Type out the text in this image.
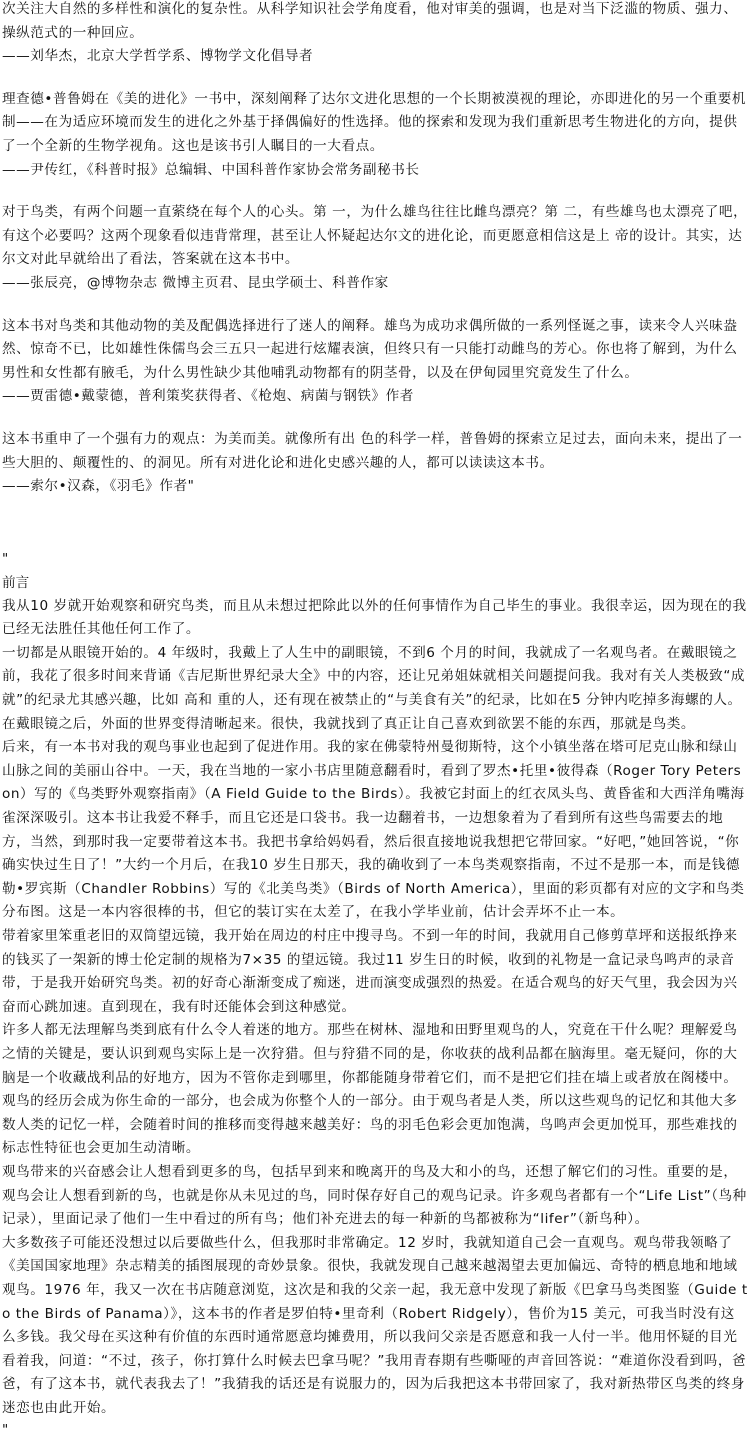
次关注大自然的多样性和演化的复杂性。从科学知识社会学角度看，他对审美的强调，也是对当下泛滥的物质、强力、操纵范式的一种回应。

——刘华杰，北京大学哲学系、博物学文化倡导者

理查德•普鲁姆在《美的进化》一书中，深刻阐释了达尔文进化思想的一个长期被漠视的理论，亦即进化的另一个重要机制——在为适应环境而发生的进化之外基于择偶偏好的性选择。他的探索和发现为我们重新思考生物进化的方向，提供了一个全新的生物学视角。这也是该书引人瞩目的一大看点。

——尹传红，《科普时报》总编辑、中国科普作家协会常务副秘书长

对于鸟类，有两个问题一直萦绕在每个人的心头。第 一，为什么雄鸟往往比雌鸟漂亮？第 二，有些雄鸟也太漂亮了吧，有这个必要吗？这两个现象看似违背常理，甚至让人怀疑起达尔文的进化论，而更愿意相信这是上 帝的设计。其实，达尔文对此早就给出了看法，答案就在这本书中。

——张辰亮，@博物杂志 微博主页君、昆虫学硕士、科普作家

这本书对鸟类和其他动物的美及配偶选择进行了迷人的阐释。雄鸟为成功求偶所做的一系列怪诞之事，读来令人兴味盎然、惊奇不已，比如雄性侏儒鸟会三五只一起进行炫耀表演，但终只有一只能打动雌鸟的芳心。你也将了解到，为什么男性和女性都有腋毛，为什么男性缺少其他哺乳动物都有的阴茎骨，以及在伊甸园里究竟发生了什么。

——贾雷德•戴蒙德，普利策奖获得者、《枪炮、病菌与钢铁》作者

这本书重申了一个强有力的观点：为美而美。就像所有出 色的科学一样，普鲁姆的探索立足过去，面向未来，提出了一些大胆的、颠覆性的、的洞见。所有对进化论和进化史感兴趣的人，都可以读读这本书。

——索尔•汉森，《羽毛》作者"

"

前言

我从10 岁就开始观察和研究鸟类，而且从未想过把除此以外的任何事情作为自己毕生的事业。我很幸运，因为现在的我已经无法胜任其他任何工作了。

一切都是从眼镜开始的。4 年级时，我戴上了人生中的副眼镜，不到6 个月的时间，我就成了一名观鸟者。在戴眼镜之前，我花了很多时间来背诵《吉尼斯世界纪录大全》中的内容，还让兄弟姐妹就相关问题提问我。我对有关人类极致“成就”的纪录尤其感兴趣，比如 高和 重的人，还有现在被禁止的“与美食有关”的纪录，比如在5 分钟内吃掉多海螺的人。在戴眼镜之后，外面的世界变得清晰起来。很快，我就找到了真正让自己喜欢到欲罢不能的东西，那就是鸟类。

后来，有一本书对我的观鸟事业也起到了促进作用。我的家在佛蒙特州曼彻斯特，这个小镇坐落在塔可尼克山脉和绿山山脉之间的美丽山谷中。一天，我在当地的一家小书店里随意翻看时，看到了罗杰•托里•彼得森（Roger Tory Peterson）写的《鸟类野外观察指南》（A Field Guide to the Birds）。我被它封面上的红衣凤头鸟、黄昏雀和大西洋角嘴海雀深深吸引。这本书让我爱不释手，而且它还是口袋书。我一边翻着书，一边想象着为了看到所有这些鸟需要去的地方，当然，到那时我一定要带着这本书。我把书拿给妈妈看，然后很直接地说我想把它带回家。“好吧，”她回答说，“你确实快过生日了！”大约一个月后，在我10 岁生日那天，我的确收到了一本鸟类观察指南，不过不是那一本，而是钱德勒•罗宾斯（Chandler Robbins）写的《北美鸟类》（Birds of North America），里面的彩页都有对应的文字和鸟类分布图。这是一本内容很棒的书，但它的装订实在太差了，在我小学毕业前，估计会弄坏不止一本。

带着家里笨重老旧的双筒望远镜，我开始在周边的村庄中搜寻鸟。不到一年的时间，我就用自己修剪草坪和送报纸挣来的钱买了一架新的博士伦定制的规格为7×35 的望远镜。我过11 岁生日的时候，收到的礼物是一盒记录鸟鸣声的录音带，于是我开始研究鸟类。初的好奇心渐渐变成了痴迷，进而演变成强烈的热爱。在适合观鸟的好天气里，我会因为兴奋而心跳加速。直到现在，我有时还能体会到这种感觉。

许多人都无法理解鸟类到底有什么令人着迷的地方。那些在树林、湿地和田野里观鸟的人，究竟在干什么呢？理解爱鸟之情的关键是，要认识到观鸟实际上是一次狩猎。但与狩猎不同的是，你收获的战利品都在脑海里。毫无疑问，你的大脑是一个收藏战利品的好地方，因为不管你走到哪里，你都能随身带着它们，而不是把它们挂在墙上或者放在阁楼中。观鸟的经历会成为你生命的一部分，也会成为你整个人的一部分。由于观鸟者是人类，所以这些观鸟的记忆和其他大多数人类的记忆一样，会随着时间的推移而变得越来越美好：鸟的羽毛色彩会更加饱满，鸟鸣声会更加悦耳，那些难找的标志性特征也会更加生动清晰。

观鸟带来的兴奋感会让人想看到更多的鸟，包括早到来和晚离开的鸟及大和小的鸟，还想了解它们的习性。重要的是，观鸟会让人想看到新的鸟，也就是你从未见过的鸟，同时保存好自己的观鸟记录。许多观鸟者都有一个“Life List”（鸟种记录），里面记录了他们一生中看过的所有鸟；他们补充进去的每一种新的鸟都被称为“lifer”（新鸟种）。

大多数孩子可能还没想过以后要做些什么，但我那时非常确定。12 岁时，我就知道自己会一直观鸟。观鸟带我领略了《美国国家地理》杂志精美的插图展现的奇妙景象。很快，我就发现自己越来越渴望去更加偏远、奇特的栖息地和地域观鸟。1976 年，我又一次在书店随意浏览，这次是和我的父亲一起，我无意中发现了新版《巴拿马鸟类图鉴（Guide to the Birds of Panama）》，这本书的作者是罗伯特•里奇利（Robert Ridgely），售价为15 美元，可我当时没有这么多钱。我父母在买这种有价值的东西时通常愿意均摊费用，所以我问父亲是否愿意和我一人付一半。他用怀疑的目光看着我，问道：“不过，孩子，你打算什么时候去巴拿马呢？”我用青春期有些嘶哑的声音回答说：“难道你没看到吗，爸爸，有了这本书，就代表我去了！”我猜我的话还是有说服力的，因为后我把这本书带回家了，我对新热带区鸟类的终身迷恋也由此开始。

"
